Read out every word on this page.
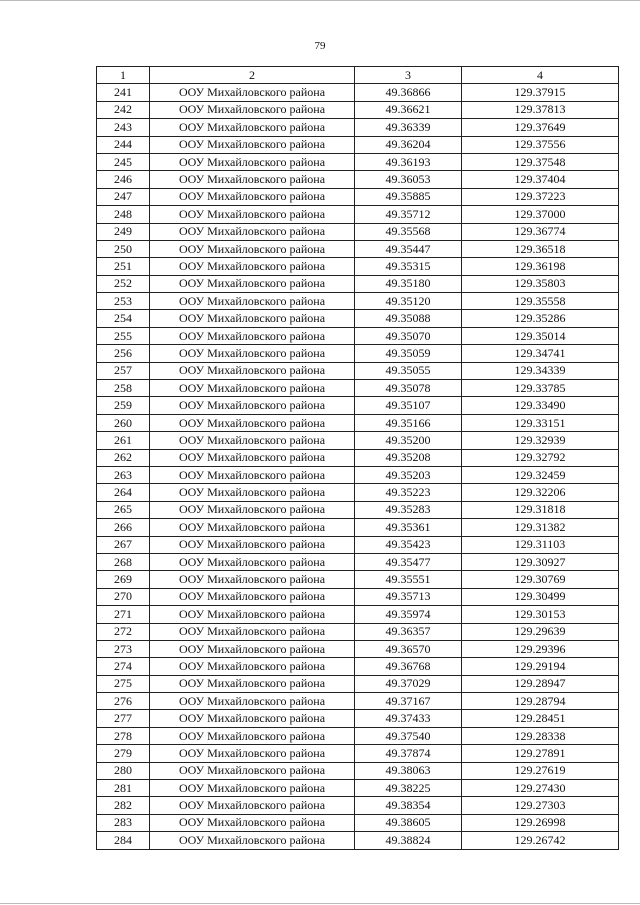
79
1	2	3	4
241	ООУ Михайловского района	49.36866	129.37915
242	ООУ Михайловского района	49.36621	129.37813
243	ООУ Михайловского района	49.36339	129.37649
244	ООУ Михайловского района	49.36204	129.37556
245	ООУ Михайловского района	49.36193	129.37548
246	ООУ Михайловского района	49.36053	129.37404
247	ООУ Михайловского района	49.35885	129.37223
248	ООУ Михайловского района	49.35712	129.37000
249	ООУ Михайловского района	49.35568	129.36774
250	ООУ Михайловского района	49.35447	129.36518
251	ООУ Михайловского района	49.35315	129.36198
252	ООУ Михайловского района	49.35180	129.35803
253	ООУ Михайловского района	49.35120	129.35558
254	ООУ Михайловского района	49.35088	129.35286
255	ООУ Михайловского района	49.35070	129.35014
256	ООУ Михайловского района	49.35059	129.34741
257	ООУ Михайловского района	49.35055	129.34339
258	ООУ Михайловского района	49.35078	129.33785
259	ООУ Михайловского района	49.35107	129.33490
260	ООУ Михайловского района	49.35166	129.33151
261	ООУ Михайловского района	49.35200	129.32939
262	ООУ Михайловского района	49.35208	129.32792
263	ООУ Михайловского района	49.35203	129.32459
264	ООУ Михайловского района	49.35223	129.32206
265	ООУ Михайловского района	49.35283	129.31818
266	ООУ Михайловского района	49.35361	129.31382
267	ООУ Михайловского района	49.35423	129.31103
268	ООУ Михайловского района	49.35477	129.30927
269	ООУ Михайловского района	49.35551	129.30769
270	ООУ Михайловского района	49.35713	129.30499
271	ООУ Михайловского района	49.35974	129.30153
272	ООУ Михайловского района	49.36357	129.29639
273	ООУ Михайловского района	49.36570	129.29396
274	ООУ Михайловского района	49.36768	129.29194
275	ООУ Михайловского района	49.37029	129.28947
276	ООУ Михайловского района	49.37167	129.28794
277	ООУ Михайловского района	49.37433	129.28451
278	ООУ Михайловского района	49.37540	129.28338
279	ООУ Михайловского района	49.37874	129.27891
280	ООУ Михайловского района	49.38063	129.27619
281	ООУ Михайловского района	49.38225	129.27430
282	ООУ Михайловского района	49.38354	129.27303
283	ООУ Михайловского района	49.38605	129.26998
284	ООУ Михайловского района	49.38824	129.26742
